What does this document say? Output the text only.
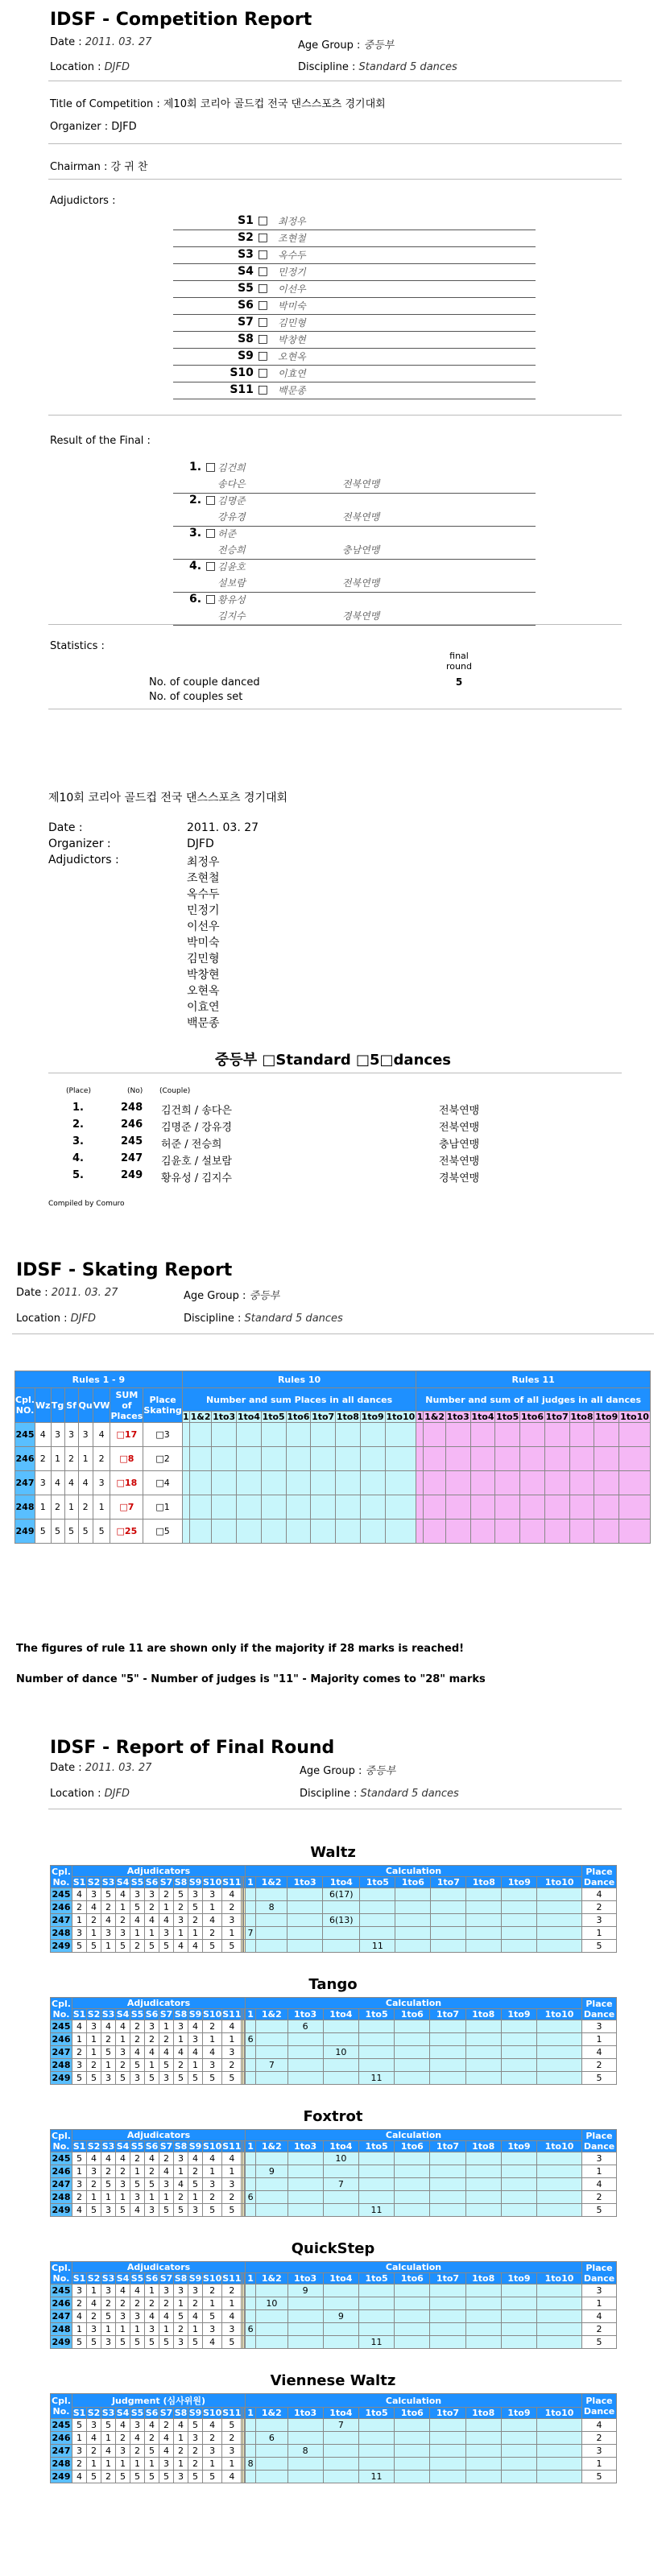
IDSF - Competition Report
Date : 2011. 03. 27	Age Group : 중등부
Location : DJFD	Discipline : Standard 5 dances
Title of Competition : 제10회 코리아 골드컵 전국 댄스스포츠 경기대회
Organizer : DJFD
Chairman : 강 귀 찬
Adjudictors :
S1 □ 최정우
S2 □ 조현철
S3 □ 옥수두
S4 □ 민정기
S5 □ 이선우
S6 □ 박미숙
S7 □ 김민형
S8 □ 박창현
S9 □ 오현옥
S10 □ 이효연
S11 □ 백문종
Result of the Final :
1. □ 김건희
송다은	전북연맹
2. □ 김명준
강유경	전북연맹
3. □ 허준
전승희	충남연맹
4. □ 김윤호
설보람	전북연맹
6. □ 황유성
김지수	경북연맹
Statistics :
final round
5
No. of couple danced
No. of couples set
제10회 코리아 골드컵 전국 댄스스포츠 경기대회
Date :	2011. 03. 27
Organizer :	DJFD
Adjudictors :	최정우
조현철
옥수두
민정기
이선우
박미숙
김민형
박창현
오현옥
이효연
백문종
중등부 □Standard □5□dances
(Place)	(No) (Couple)
1.	248 김건희 / 송다은	전북연맹
2.	246 김명준 / 강유경	전북연맹
3.	245 허준 / 전승희	충남연맹
4.	247 김윤호 / 설보람	전북연맹
5.	249 황유성 / 김지수	경북연맹
Compiled by Comuro
IDSF - Skating Report
Date : 2011. 03. 27	Age Group : 중등부
Location : DJFD	Discipline : Standard 5 dances
Rules 1 - 9								Rules 10										Rules 11									
Cpl. NO.	Wz	Tg	Sf	Qu	VW	SUM of Places	Place Skating	Number and sum Places in all dances										Number and sum of all judges in all dances									
								1	1&2	1to3	1to4	1to5	1to6	1to7	1to8	1to9	1to10	1	1&2	1to3	1to4	1to5	1to6	1to7	1to8	1to9	1to10
245	4	3	3	3	4	□17	□3																				
246	2	1	2	1	2	□8	□2																				
247	3	4	4	4	3	□18	□4																				
248	1	2	1	2	1	□7	□1																				
249	5	5	5	5	5	□25	□5																				
The figures of rule 11 are shown only if the majority if 28 marks is reached!
Number of dance "5" - Number of judges is "11" - Majority comes to "28" marks
IDSF - Report of Final Round
Date : 2011. 03. 27	Age Group : 중등부
Location : DJFD	Discipline : Standard 5 dances
Waltz
Cpl. No.	Adjudicators													Calculation										Place Dance
	S1	S2	S3	S4	S5	S6	S7	S8	S9	S10	S11				1	1&2	1to3	1to4	1to5	1to6	1to7	1to8	1to9	1to10	
245	4	3	5	4	3	3	2	5	3	3	4							6(17)							4
246	2	4	2	1	5	2	1	2	5	1	2					8									2
247	1	2	4	2	4	4	4	3	2	4	3							6(13)							3
248	3	1	3	3	1	1	3	1	1	2	1				7										1
249	5	5	1	5	2	5	5	4	4	5	5								11						5
Tango
Cpl. No.	Adjudicators													Calculation										Place Dance
	S1	S2	S3	S4	S5	S6	S7	S8	S9	S10	S11				1	1&2	1to3	1to4	1to5	1to6	1to7	1to8	1to9	1to10	
245	4	3	4	4	2	3	1	3	4	2	4						6								3
246	1	1	2	1	2	2	2	1	3	1	1				6										1
247	2	1	5	3	4	4	4	4	4	4	3							10							4
248	3	2	1	2	5	1	5	2	1	3	2					7									2
249	5	5	3	5	3	5	3	5	5	5	5								11						5
Foxtrot
Cpl. No.	Adjudicators													Calculation										Place Dance
	S1	S2	S3	S4	S5	S6	S7	S8	S9	S10	S11				1	1&2	1to3	1to4	1to5	1to6	1to7	1to8	1to9	1to10	
245	5	4	4	4	2	4	2	3	4	4	4							10							3
246	1	3	2	2	1	2	4	1	2	1	1					9									1
247	3	2	5	3	5	5	3	4	5	3	3							7							4
248	2	1	1	1	3	1	1	2	1	2	2				6										2
249	4	5	3	5	4	3	5	5	3	5	5								11						5
QuickStep
Cpl. No.	Adjudicators													Calculation										Place Dance
	S1	S2	S3	S4	S5	S6	S7	S8	S9	S10	S11				1	1&2	1to3	1to4	1to5	1to6	1to7	1to8	1to9	1to10	
245	3	1	3	4	4	1	3	3	3	2	2						9								3
246	2	4	2	2	2	2	2	1	2	1	1					10									1
247	4	2	5	3	3	4	4	5	4	5	4							9							4
248	1	3	1	1	1	3	1	2	1	3	3				6										2
249	5	5	3	5	5	5	5	3	5	4	5								11						5
Viennese Waltz
Cpl. No.	Judgment (심사위원)													Calculation										Place Dance
	S1	S2	S3	S4	S5	S6	S7	S8	S9	S10	S11				1	1&2	1to3	1to4	1to5	1to6	1to7	1to8	1to9	1to10	
245	5	3	5	4	3	4	2	4	5	4	5							7							4
246	1	4	1	2	4	2	4	1	3	2	2					6									2
247	3	2	4	3	2	5	4	2	2	3	3						8								3
248	2	1	1	1	1	1	3	1	2	1	1				8										1
249	4	5	2	5	5	5	5	3	5	5	4								11						5
